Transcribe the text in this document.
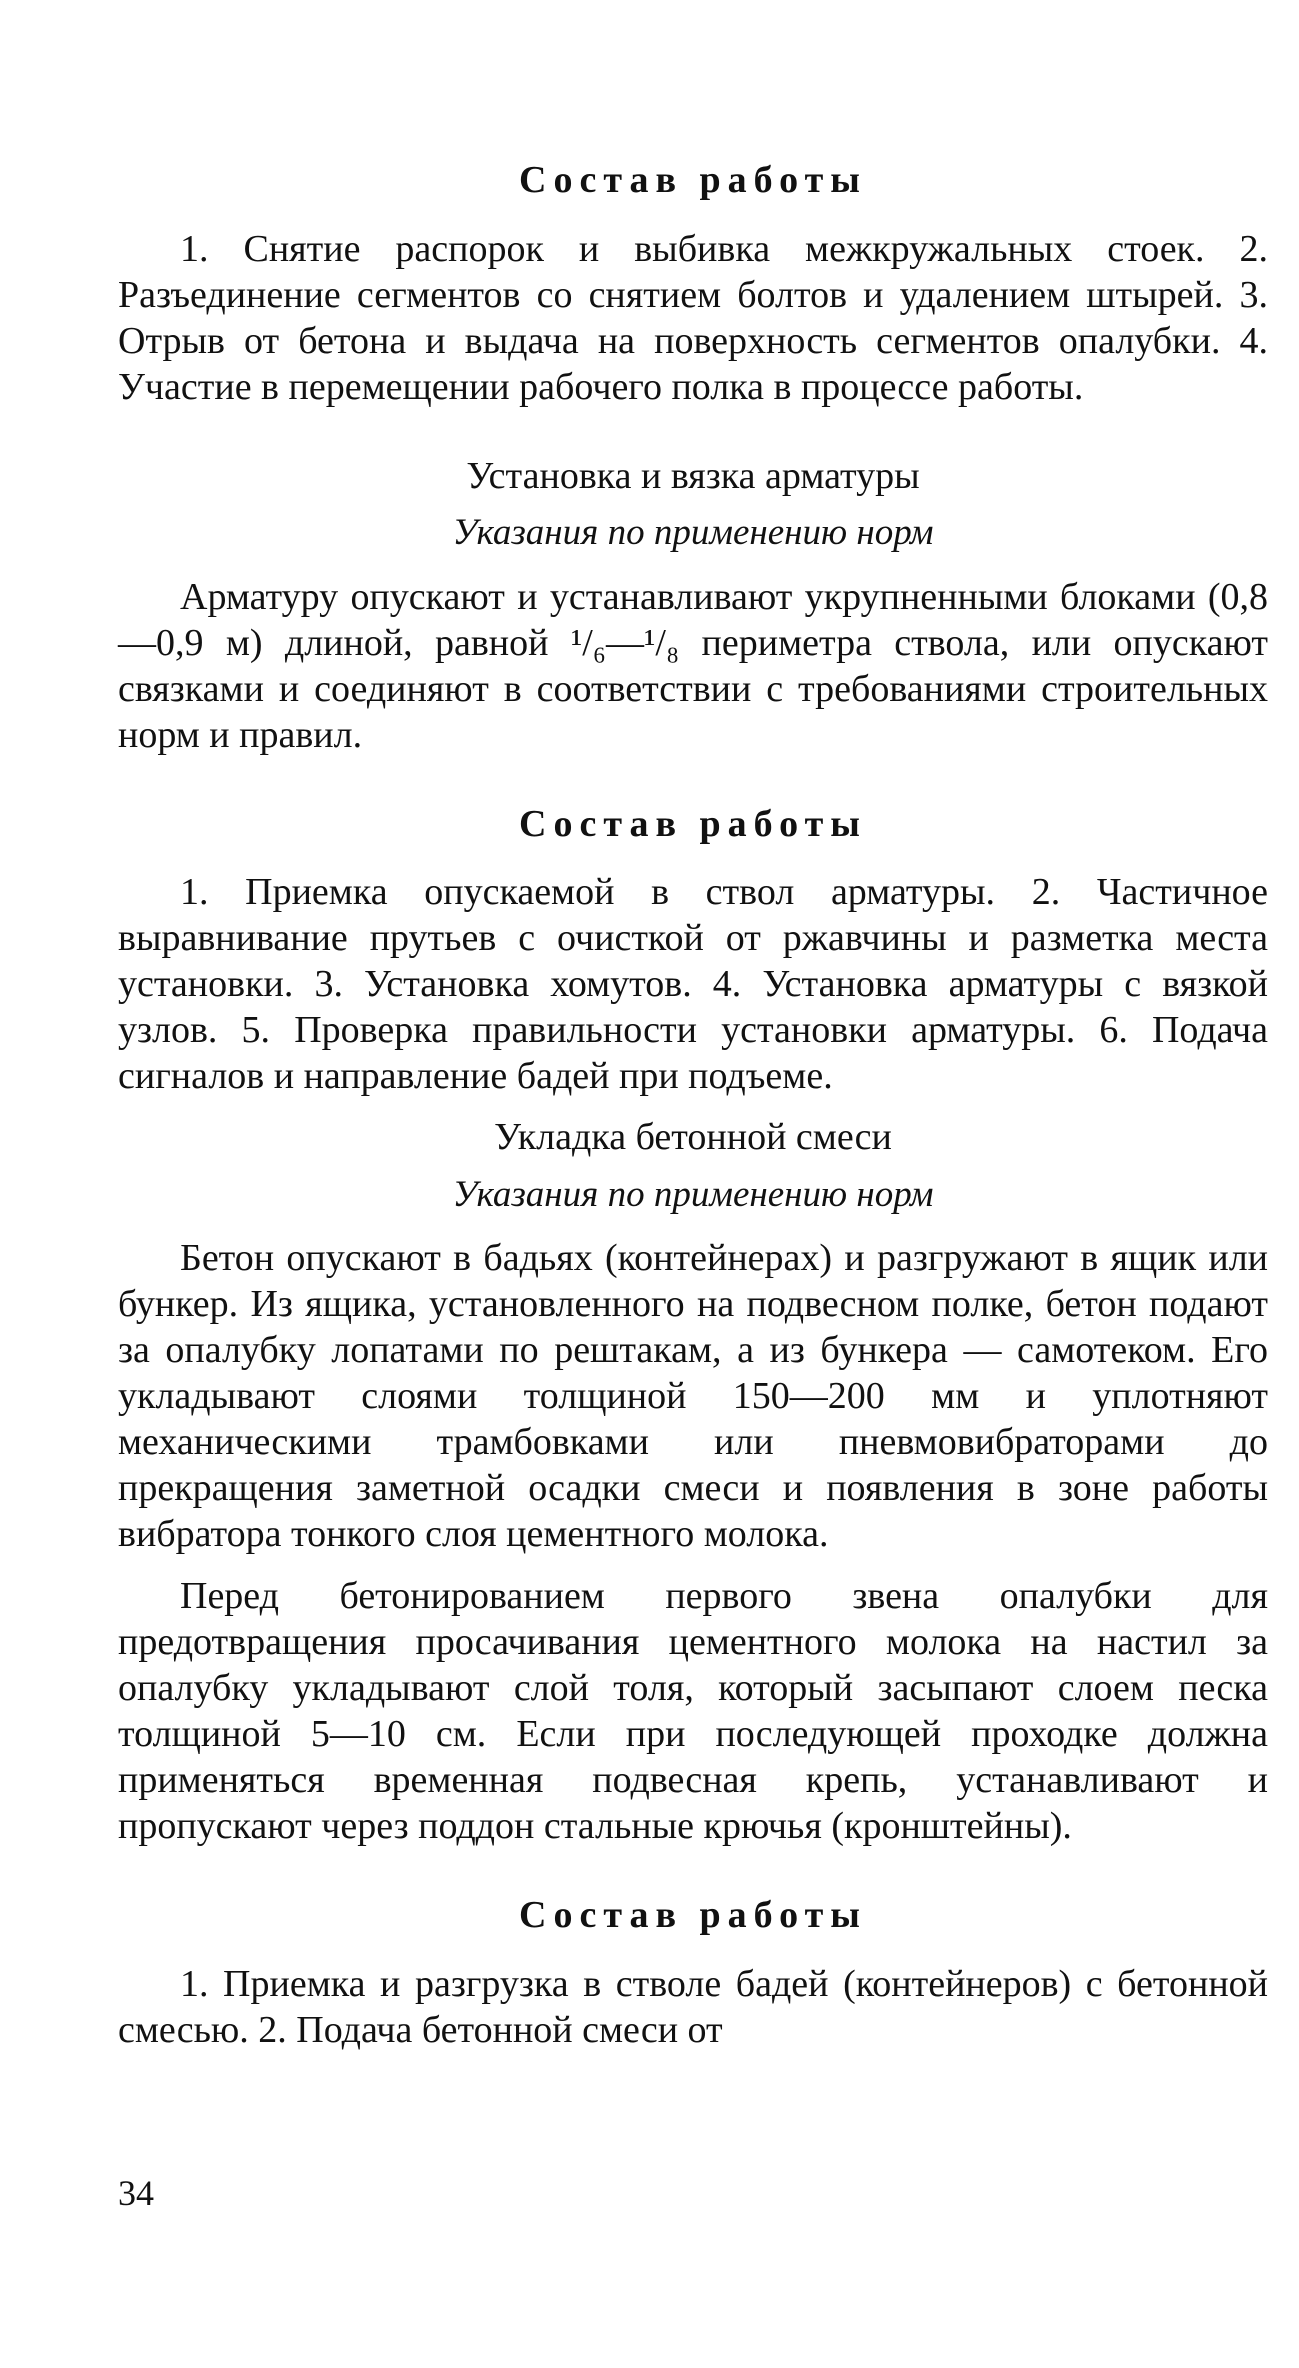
Состав работы

1. Снятие распорок и выбивка межкружальных стоек. 2. Разъединение сегментов со снятием болтов и удалением штырей. 3. Отрыв от бетона и выдача на поверхность сегментов опалубки. 4. Участие в перемещении рабочего полка в процессе работы.

Установка и вязка арматуры
Указания по применению норм

Арматуру опускают и устанавливают укрупненными блоками (0,8—0,9 м) длиной, равной ¹/₆—¹/₈ периметра ствола, или опускают связками и соединяют в соответствии с требованиями строительных норм и правил.

Состав работы

1. Приемка опускаемой в ствол арматуры. 2. Частичное выравнивание прутьев с очисткой от ржавчины и разметка места установки. 3. Установка хомутов. 4. Установка арматуры с вязкой узлов. 5. Проверка правильности установки арматуры. 6. Подача сигналов и направление бадей при подъеме.

Укладка бетонной смеси
Указания по применению норм

Бетон опускают в бадьях (контейнерах) и разгружают в ящик или бункер. Из ящика, установленного на подвесном полке, бетон подают за опалубку лопатами по рештакам, а из бункера — самотеком. Его укладывают слоями толщиной 150—200 мм и уплотняют механическими трамбовками или пневмовибраторами до прекращения заметной осадки смеси и появления в зоне работы вибратора тонкого слоя цементного молока.

Перед бетонированием первого звена опалубки для предотвращения просачивания цементного молока на настил за опалубку укладывают слой толя, который засыпают слоем песка толщиной 5—10 см. Если при последующей проходке должна применяться временная подвесная крепь, устанавливают и пропускают через поддон стальные крючья (кронштейны).

Состав работы

1. Приемка и разгрузка в стволе бадей (контейнеров) с бетонной смесью. 2. Подача бетонной смеси от

34
